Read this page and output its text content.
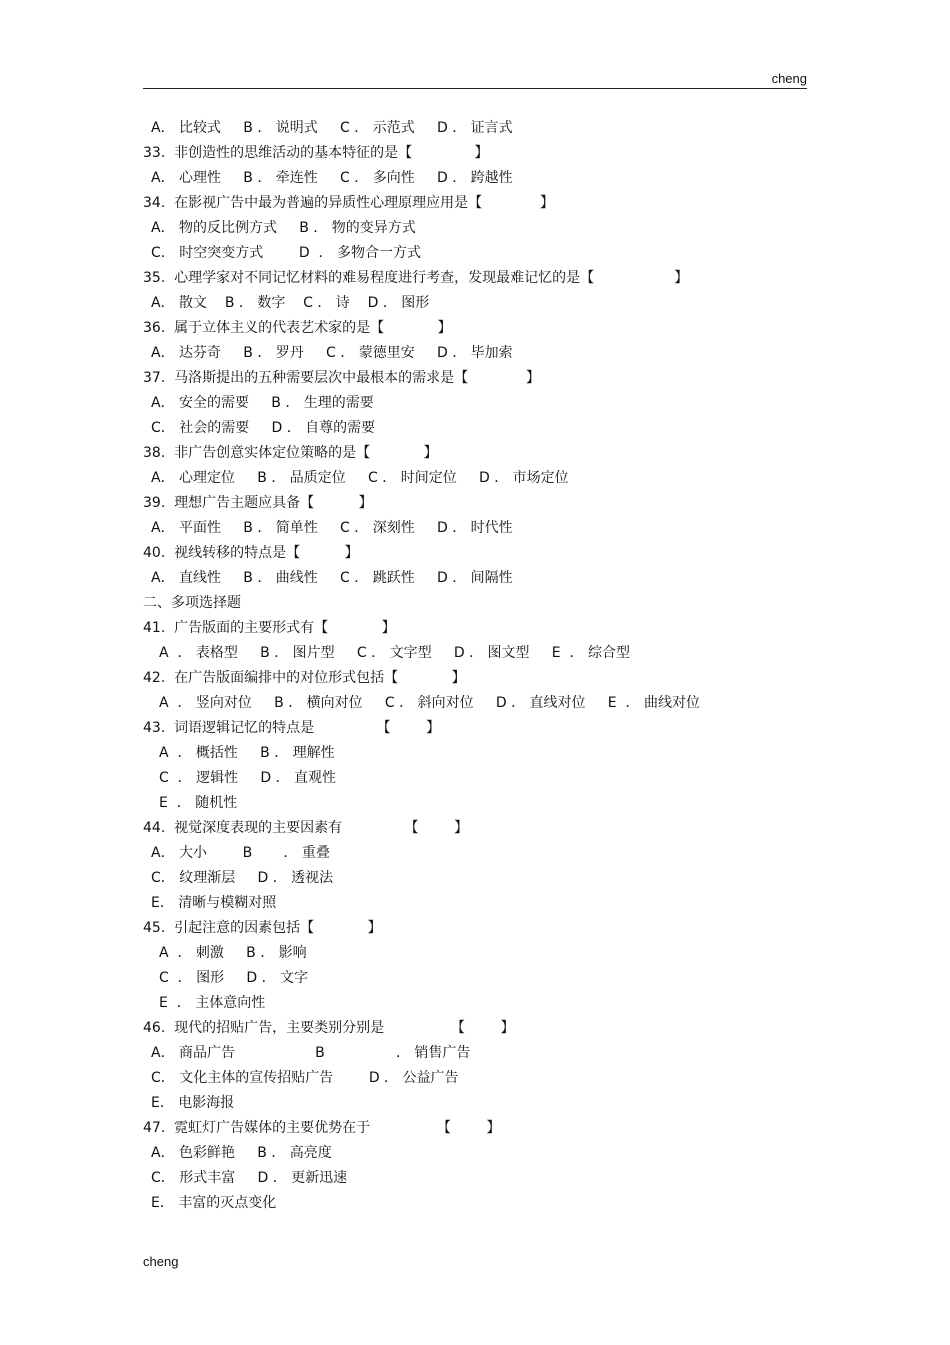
cheng
A． 比较式     B ． 说明式     C ． 示范式     D ． 证言式
33.  非创造性的思维活动的基本特征的是【              】
A． 心理性     B ． 牵连性     C ． 多向性     D ． 跨越性
34.  在影视广告中最为普遍的异质性心理原理应用是【             】
A． 物的反比例方式     B ． 物的变异方式
C． 时空突变方式        D  ． 多物合一方式
35.  心理学家对不同记忆材料的难易程度进行考查，发现最难记忆的是【                  】
A． 散文    B ． 数字    C ． 诗    D ． 图形
36.  属于立体主义的代表艺术家的是【            】
A． 达芬奇     B ． 罗丹     C ． 蒙德里安     D ． 毕加索
37.  马洛斯提出的五种需要层次中最根本的需求是【             】
A． 安全的需要     B ． 生理的需要
C． 社会的需要     D ． 自尊的需要
38.  非广告创意实体定位策略的是【            】
A． 心理定位     B ． 品质定位     C ． 时间定位     D ． 市场定位
39.  理想广告主题应具备【          】
A． 平面性     B ． 简单性     C ． 深刻性     D ． 时代性
40.  视线转移的特点是【          】
A． 直线性     B ． 曲线性     C ． 跳跃性     D ． 间隔性
二、多项选择题
41.  广告版面的主要形式有【            】
A  ． 表格型     B ． 图片型     C ． 文字型     D ． 图文型     E  ． 综合型
42.  在广告版面编排中的对位形式包括【            】
A  ． 竖向对位     B ． 横向对位     C ． 斜向对位     D ． 直线对位     E  ． 曲线对位
43.  词语逻辑记忆的特点是              【        】
A  ． 概括性     B ． 理解性
C  ． 逻辑性     D ． 直观性
E  ． 随机性
44.  视觉深度表现的主要因素有              【        】
A． 大小        B       ． 重叠
C． 纹理渐层     D ． 透视法
E． 清晰与模糊对照
45.  引起注意的因素包括【            】
A  ． 刺激     B ． 影响
C  ． 图形     D ． 文字
E  ． 主体意向性
46.  现代的招贴广告，主要类别分别是               【        】
A． 商品广告                  B                ． 销售广告
C． 文化主体的宣传招贴广告        D ． 公益广告
E． 电影海报
47.  霓虹灯广告媒体的主要优势在于               【        】
A． 色彩鲜艳     B ． 高亮度
C． 形式丰富     D ． 更新迅速
E． 丰富的灭点变化
cheng
